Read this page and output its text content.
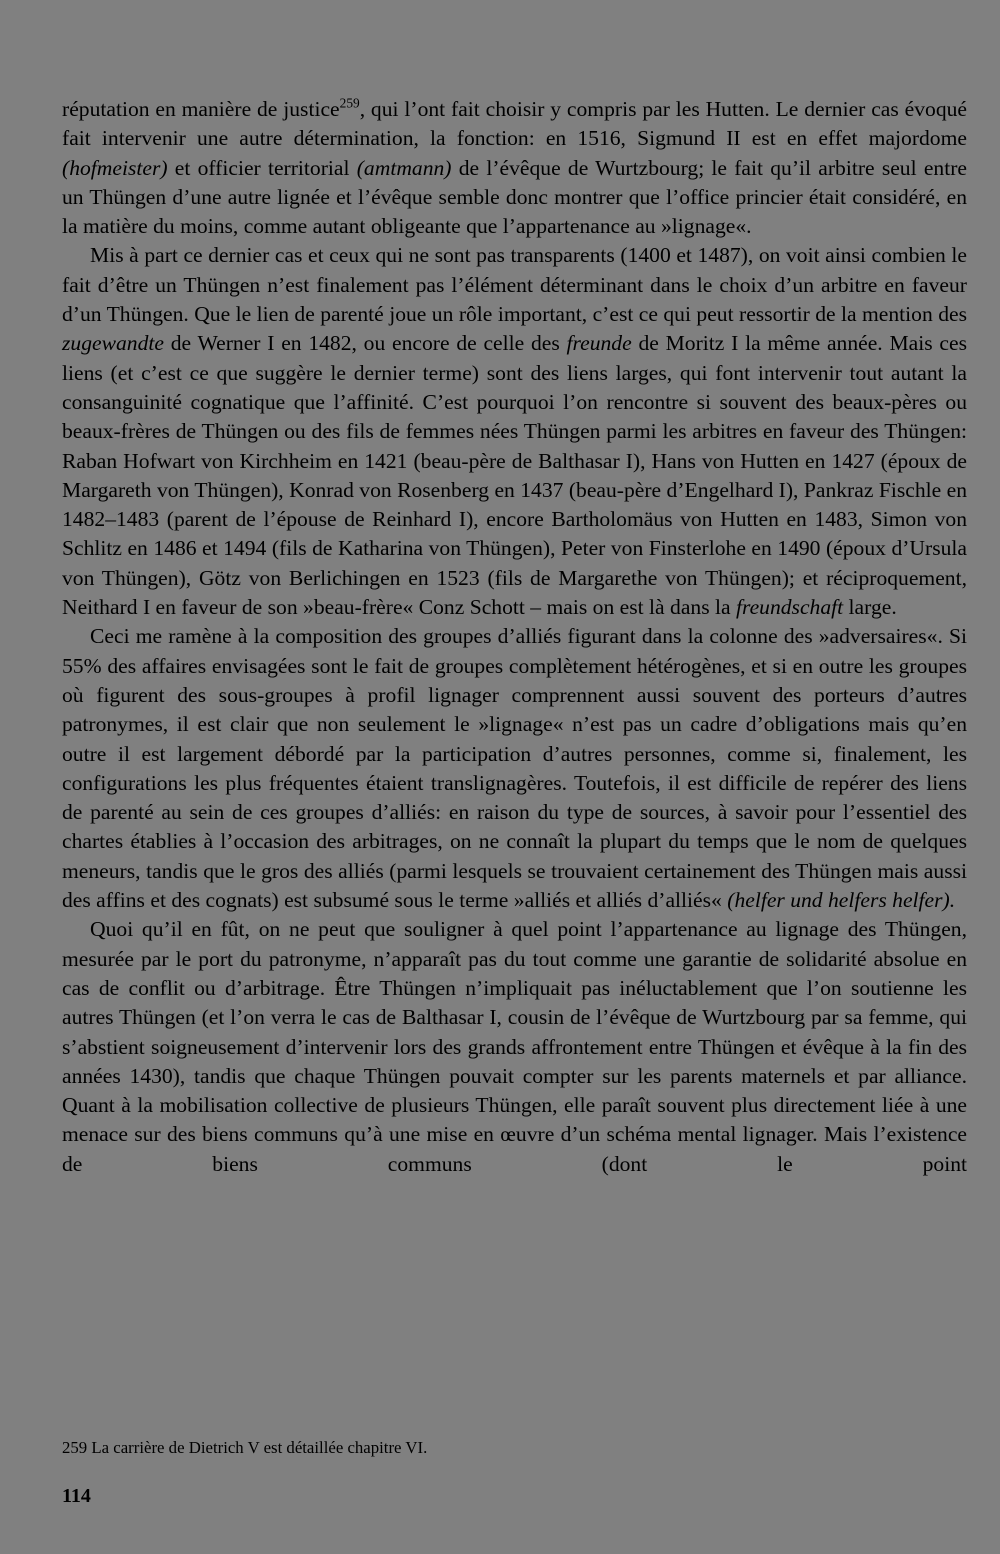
réputation en manière de justice$^{259}$, qui l’ont fait choisir y compris par les Hutten. Le dernier cas évoqué fait intervenir une autre détermination, la fonction: en 1516, Sigmund II est en effet majordome (hofmeister) et officier territorial (amtmann) de l’évêque de Wurtzbourg; le fait qu’il arbitre seul entre un Thüngen d’une autre lignée et l’évêque semble donc montrer que l’office princier était considéré, en la matière du moins, comme autant obligeante que l’appartenance au »lignage«.

Mis à part ce dernier cas et ceux qui ne sont pas transparents (1400 et 1487), on voit ainsi combien le fait d’être un Thüngen n’est finalement pas l’élément déterminant dans le choix d’un arbitre en faveur d’un Thüngen. Que le lien de parenté joue un rôle important, c’est ce qui peut ressortir de la mention des zugewandte de Werner I en 1482, ou encore de celle des freunde de Moritz I la même année. Mais ces liens (et c’est ce que suggère le dernier terme) sont des liens larges, qui font intervenir tout autant la consanguinité cognatique que l’affinité. C’est pourquoi l’on rencontre si souvent des beaux-pères ou beaux-frères de Thüngen ou des fils de femmes nées Thüngen parmi les arbitres en faveur des Thüngen: Raban Hofwart von Kirchheim en 1421 (beau-père de Balthasar I), Hans von Hutten en 1427 (époux de Margareth von Thüngen), Konrad von Rosenberg en 1437 (beau-père d’Engelhard I), Pankraz Fischle en 1482–1483 (parent de l’épouse de Reinhard I), encore Bartholomäus von Hutten en 1483, Simon von Schlitz en 1486 et 1494 (fils de Katharina von Thüngen), Peter von Finsterlohe en 1490 (époux d’Ursula von Thüngen), Götz von Berlichingen en 1523 (fils de Margarethe von Thüngen); et réciproquement, Neithard I en faveur de son »beau-frère« Conz Schott – mais on est là dans la freundschaft large.

Ceci me ramène à la composition des groupes d’alliés figurant dans la colonne des »adversaires«. Si 55% des affaires envisagées sont le fait de groupes complètement hétérogènes, et si en outre les groupes où figurent des sous-groupes à profil lignager comprennent aussi souvent des porteurs d’autres patronymes, il est clair que non seulement le »lignage« n’est pas un cadre d’obligations mais qu’en outre il est largement débordé par la participation d’autres personnes, comme si, finalement, les configurations les plus fréquentes étaient translignagères. Toutefois, il est difficile de repérer des liens de parenté au sein de ces groupes d’alliés: en raison du type de sources, à savoir pour l’essentiel des chartes établies à l’occasion des arbitrages, on ne connaît la plupart du temps que le nom de quelques meneurs, tandis que le gros des alliés (parmi lesquels se trouvaient certainement des Thüngen mais aussi des affins et des cognats) est subsumé sous le terme »alliés et alliés d’alliés« (helfer und helfers helfer).

Quoi qu’il en fût, on ne peut que souligner à quel point l’appartenance au lignage des Thüngen, mesurée par le port du patronyme, n’apparaît pas du tout comme une garantie de solidarité absolue en cas de conflit ou d’arbitrage. Être Thüngen n’impliquait pas inéluctablement que l’on soutienne les autres Thüngen (et l’on verra le cas de Balthasar I, cousin de l’évêque de Wurtzbourg par sa femme, qui s’abstient soigneusement d’intervenir lors des grands affrontement entre Thüngen et évêque à la fin des années 1430), tandis que chaque Thüngen pouvait compter sur les parents maternels et par alliance. Quant à la mobilisation collective de plusieurs Thüngen, elle paraît souvent plus directement liée à une menace sur des biens communs qu’à une mise en œuvre d’un schéma mental lignager. Mais l’existence de biens communs (dont le point

259 La carrière de Dietrich V est détaillée chapitre VI.

114
